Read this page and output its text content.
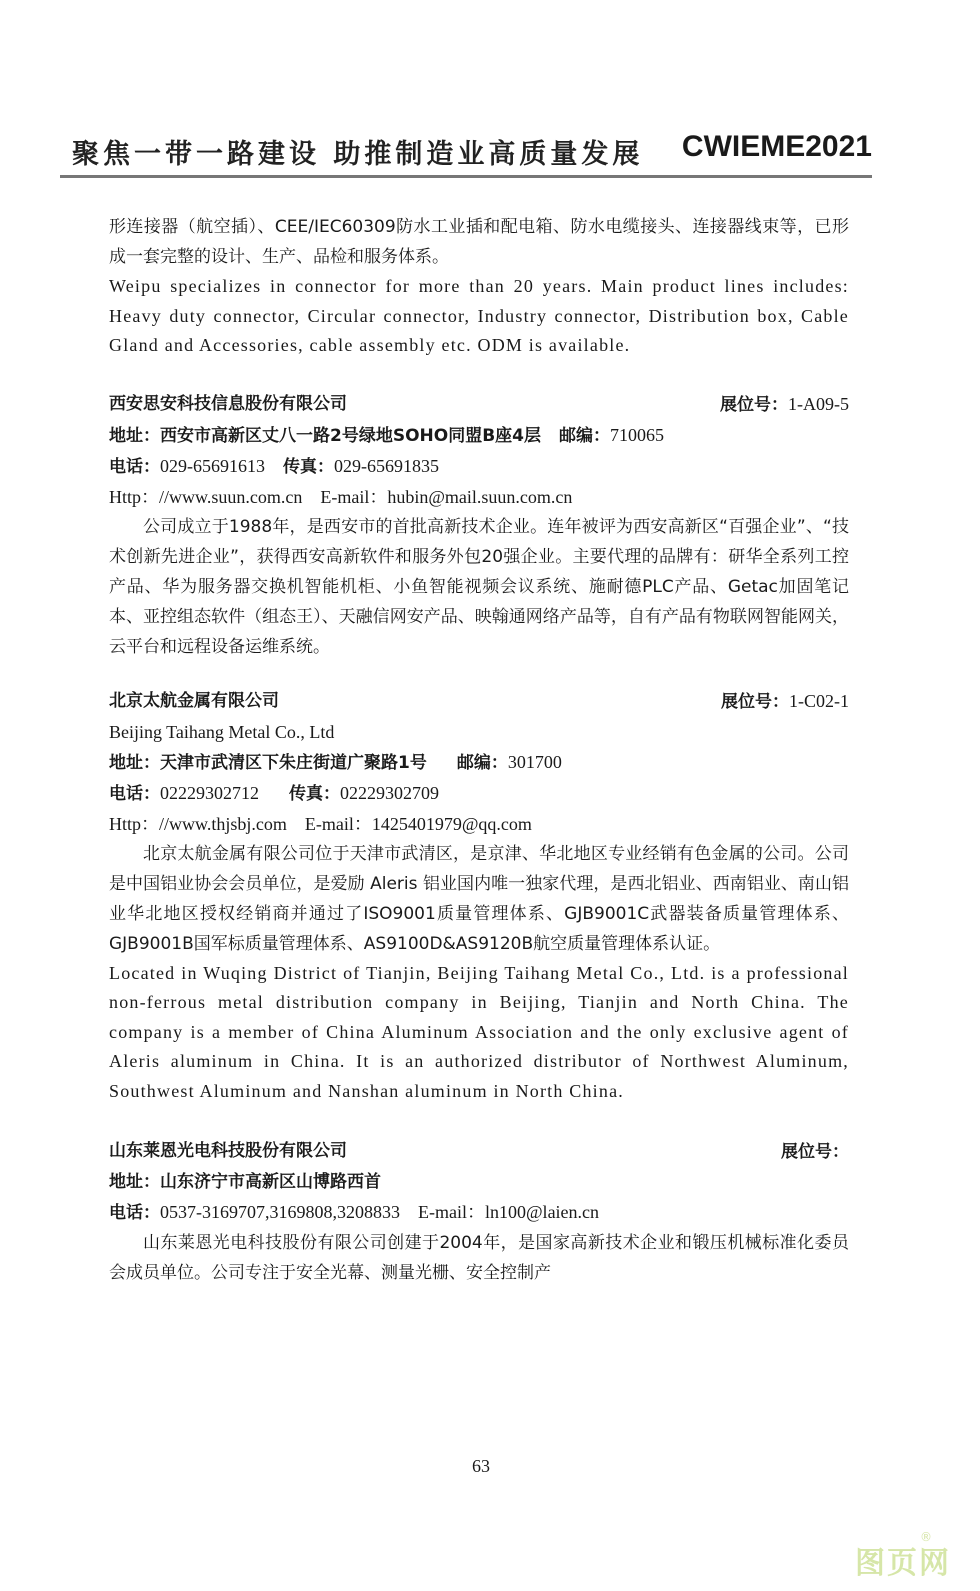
聚焦一带一路建设 助推制造业高质量发展 CWIEME2021

形连接器（航空插）、CEE/IEC60309防水工业插和配电箱、防水电缆接头、连接器线束等，已形成一套完整的设计、生产、品检和服务体系。

Weipu specializes in connector for more than 20 years. Main product lines includes: Heavy duty connector, Circular connector, Industry connector, Distribution box, Cable Gland and Accessories, cable assembly etc. ODM is available.

西安思安科技信息股份有限公司	展位号：1-A09-5
地址：西安市高新区丈八一路2号绿地SOHO同盟B座4层 邮编：710065
电话：029-65691613 传真：029-65691835
Http：//www.suun.com.cn E-mail：hubin@mail.suun.com.cn

公司成立于1988年，是西安市的首批高新技术企业。连年被评为西安高新区“百强企业”、“技术创新先进企业”，获得西安高新软件和服务外包20强企业。主要代理的品牌有：研华全系列工控产品、华为服务器交换机智能机柜、小鱼智能视频会议系统、施耐德PLC产品、Getac加固笔记本、亚控组态软件（组态王）、天融信网安产品、映翰通网络产品等，自有产品有物联网智能网关，云平台和远程设备运维系统。

北京太航金属有限公司	展位号：1-C02-1
Beijing Taihang Metal Co., Ltd
地址：天津市武清区下朱庄街道广聚路1号 邮编：301700
电话：02229302712 传真：02229302709
Http：//www.thjsbj.com E-mail：1425401979@qq.com

北京太航金属有限公司位于天津市武清区，是京津、华北地区专业经销有色金属的公司。公司是中国铝业协会会员单位，是爱励 Aleris 铝业国内唯一独家代理，是西北铝业、西南铝业、南山铝业华北地区授权经销商并通过了ISO9001质量管理体系、GJB9001C武器装备质量管理体系、GJB9001B国军标质量管理体系、AS9100D&AS9120B航空质量管理体系认证。

Located in Wuqing District of Tianjin, Beijing Taihang Metal Co., Ltd. is a professional non-ferrous metal distribution company in Beijing, Tianjin and North China. The company is a member of China Aluminum Association and the only exclusive agent of Aleris aluminum in China. It is an authorized distributor of Northwest Aluminum, Southwest Aluminum and Nanshan aluminum in North China.

山东莱恩光电科技股份有限公司	展位号：
地址：山东济宁市高新区山博路西首
电话：0537-3169707,3169808,3208833 E-mail：ln100@laien.cn

山东莱恩光电科技股份有限公司创建于2004年，是国家高新技术企业和锻压机械标准化委员会成员单位。公司专注于安全光幕、测量光栅、安全控制产

63
图页网
®
